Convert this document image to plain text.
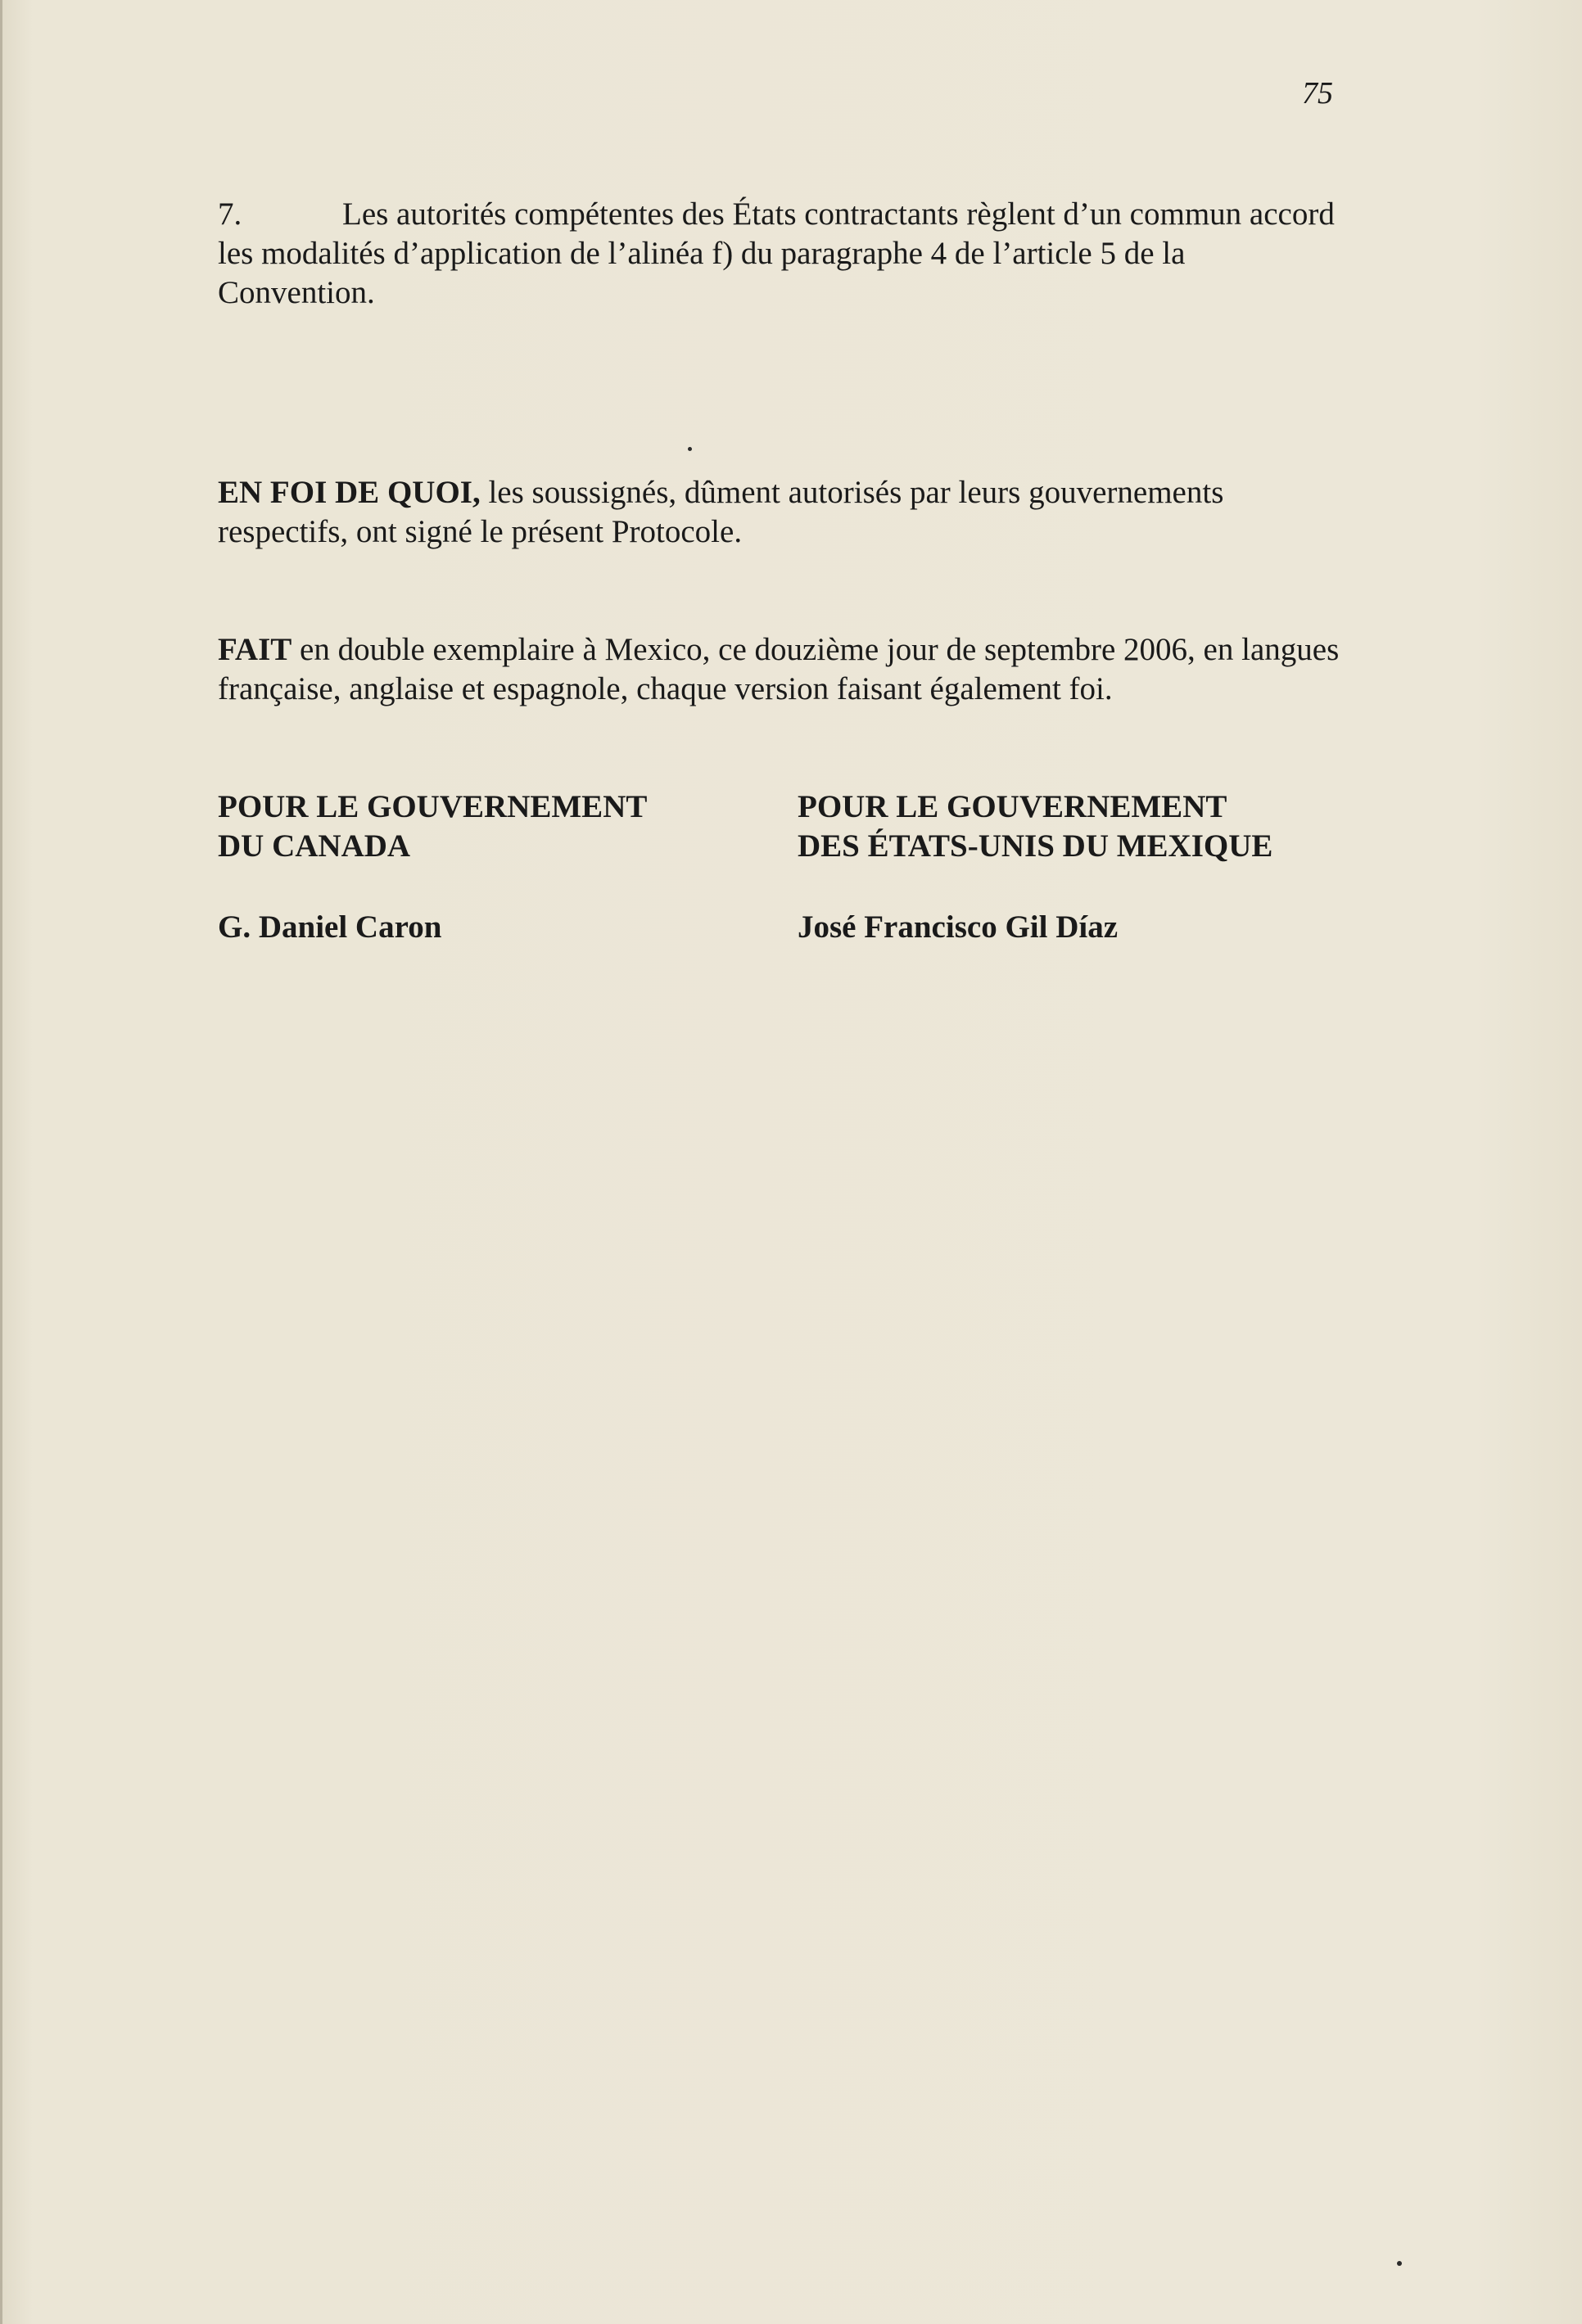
75
7.	Les autorités compétentes des États contractants règlent d’un commun accord les modalités d’application de l’alinéa f) du paragraphe 4 de l’article 5 de la Convention.
EN FOI DE QUOI, les soussignés, dûment autorisés par leurs gouvernements respectifs, ont signé le présent Protocole.
FAIT en double exemplaire à Mexico, ce douzième jour de septembre 2006, en langues française, anglaise et espagnole, chaque version faisant également foi.
POUR LE GOUVERNEMENT
DU CANADA
POUR LE GOUVERNEMENT
DES ÉTATS-UNIS DU MEXIQUE
G. Daniel Caron	José Francisco Gil Díaz
